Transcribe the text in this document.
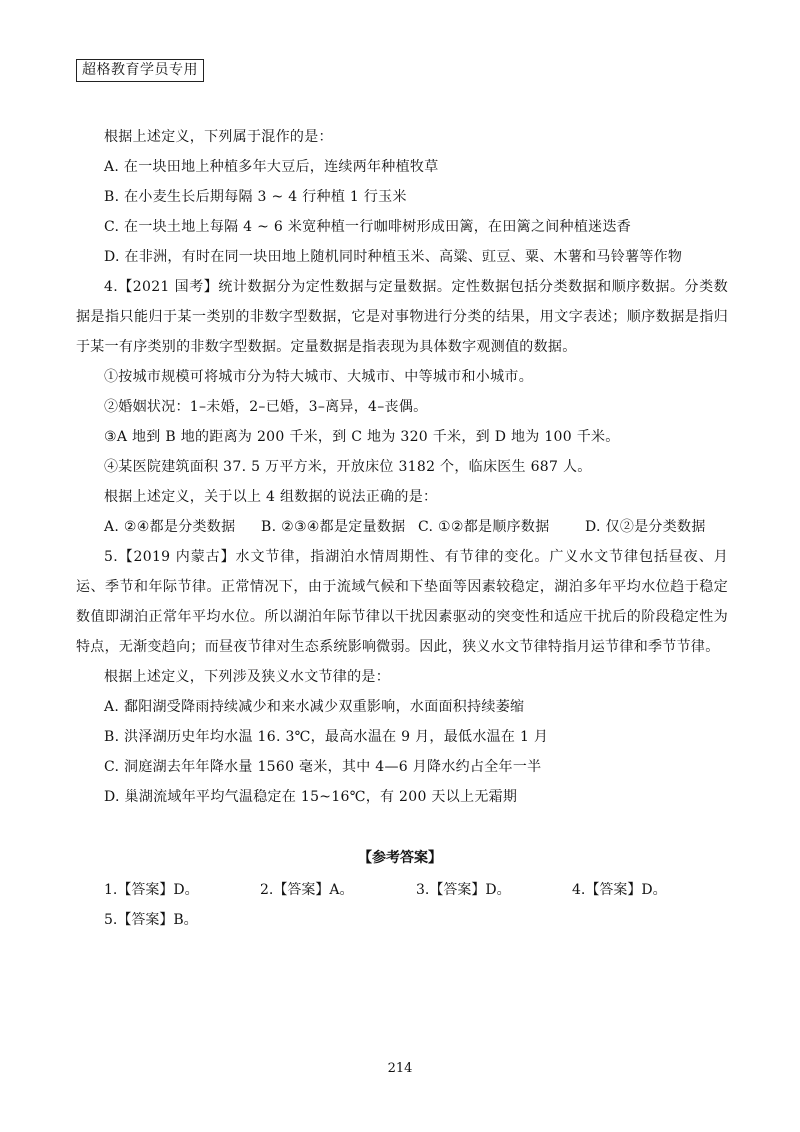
超格教育学员专用

根据上述定义，下列属于混作的是：

A. 在一块田地上种植多年大豆后，连续两年种植牧草

B. 在小麦生长后期每隔 3 ~ 4 行种植 1 行玉米

C. 在一块土地上每隔 4 ~ 6 米宽种植一行咖啡树形成田篱，在田篱之间种植迷迭香

D. 在非洲，有时在同一块田地上随机同时种植玉米、高粱、豇豆、粟、木薯和马铃薯等作物

4.【2021 国考】统计数据分为定性数据与定量数据。定性数据包括分类数据和顺序数据。分类数据是指只能归于某一类别的非数字型数据，它是对事物进行分类的结果，用文字表述；顺序数据是指归于某一有序类别的非数字型数据。定量数据是指表现为具体数字观测值的数据。

①按城市规模可将城市分为特大城市、大城市、中等城市和小城市。

②婚姻状况：1–未婚，2–已婚，3–离异，4–丧偶。

③A 地到 B 地的距离为 200 千米，到 C 地为 320 千米，到 D 地为 100 千米。

④某医院建筑面积 37. 5 万平方米，开放床位 3182 个，临床医生 687 人。

根据上述定义，关于以上 4 组数据的说法正确的是：

A. ②④都是分类数据	B. ②③④都是定量数据 C. ①②都是顺序数据	D. 仅②是分类数据

5.【2019 内蒙古】水文节律，指湖泊水情周期性、有节律的变化。广义水文节律包括昼夜、月运、季节和年际节律。正常情况下，由于流域气候和下垫面等因素较稳定，湖泊多年平均水位趋于稳定数值即湖泊正常年平均水位。所以湖泊年际节律以干扰因素驱动的突变性和适应干扰后的阶段稳定性为特点，无渐变趋向；而昼夜节律对生态系统影响微弱。因此，狭义水文节律特指月运节律和季节节律。

根据上述定义，下列涉及狭义水文节律的是：

A. 鄱阳湖受降雨持续减少和来水减少双重影响，水面面积持续萎缩

B. 洪泽湖历史年均水温 16. 3℃，最高水温在 9 月，最低水温在 1 月

C. 洞庭湖去年年降水量 1560 毫米，其中 4—6 月降水约占全年一半

D. 巢湖流域年平均气温稳定在 15~16℃，有 200 天以上无霜期

【参考答案】
1.【答案】D。	2.【答案】A。	3.【答案】D。	4.【答案】D。
5.【答案】B。
214
